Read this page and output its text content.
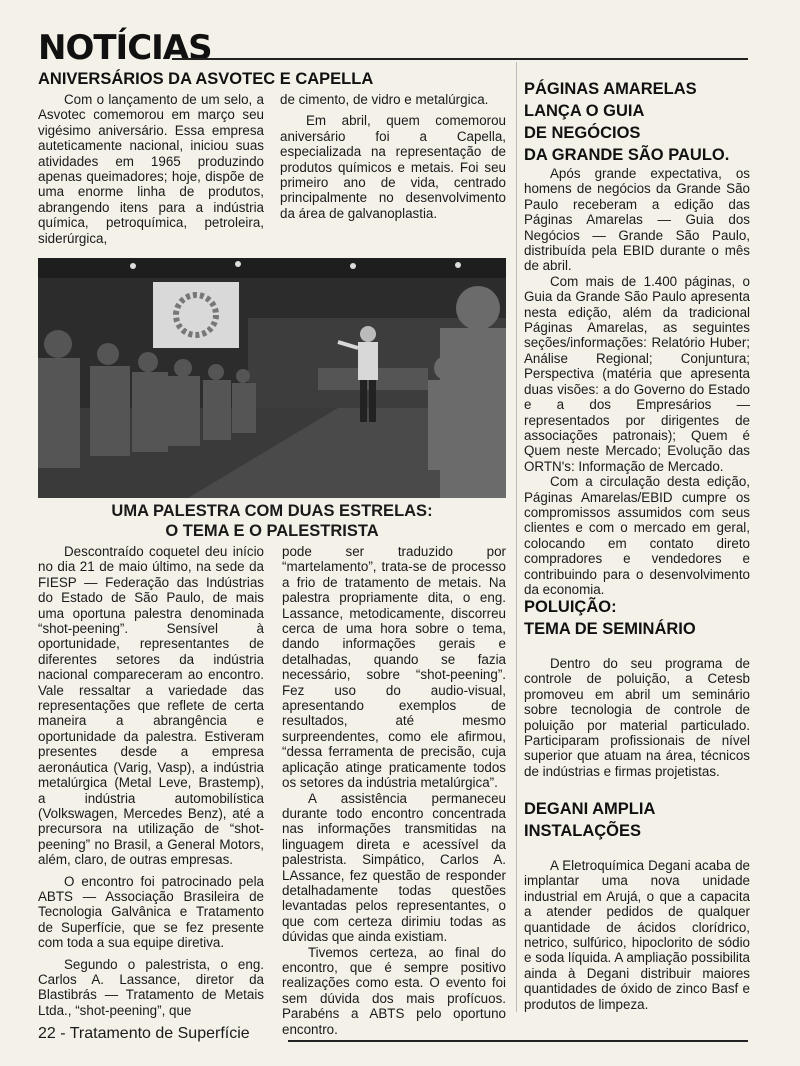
NOTÍCIAS
ANIVERSÁRIOS DA ASVOTEC E CAPELLA

Com o lançamento de um selo, a Asvotec comemorou em março seu vigésimo aniversário. Essa empresa auteticamente nacional, iniciou suas atividades em 1965 produzindo apenas queimadores; hoje, dispõe de uma enorme linha de produtos, abrangendo itens para a indústria química, petroquímica, petroleira, siderúrgica,

de cimento, de vidro e metalúrgica.

Em abril, quem comemorou aniversário foi a Capella, especializada na representação de produtos químicos e metais. Foi seu primeiro ano de vida, centrado principalmente no desenvolvimento da área de galvanoplastia.

UMA PALESTRA COM DUAS ESTRELAS:
O TEMA E O PALESTRISTA

Descontraído coquetel deu início no dia 21 de maio último, na sede da FIESP — Federação das Indústrias do Estado de São Paulo, de mais uma oportuna palestra denominada “shot-peening”. Sensível à oportunidade, representantes de diferentes setores da indústria nacional compareceram ao encontro. Vale ressaltar a variedade das representações que reflete de certa maneira a abrangência e oportunidade da palestra. Estiveram presentes desde a empresa aeronáutica (Varig, Vasp), a indústria metalúrgica (Metal Leve, Brastemp), a indústria automobilística (Volkswagen, Mercedes Benz), até a precursora na utilização de “shot-peening” no Brasil, a General Motors, além, claro, de outras empresas.

O encontro foi patrocinado pela ABTS — Associação Brasileira de Tecnologia Galvânica e Tratamento de Superfície, que se fez presente com toda a sua equipe diretiva.

Segundo o palestrista, o eng. Carlos A. Lassance, diretor da Blastibrás — Tratamento de Metais Ltda., “shot-peening”, que

pode ser traduzido por “martelamento”, trata-se de processo a frio de tratamento de metais. Na palestra propriamente dita, o eng. Lassance, metodicamente, discorreu cerca de uma hora sobre o tema, dando informações gerais e detalhadas, quando se fazia necessário, sobre “shot-peening”. Fez uso do audio-visual, apresentando exemplos de resultados, até mesmo surpreendentes, como ele afirmou, “dessa ferramenta de precisão, cuja aplicação atinge praticamente todos os setores da indústria metalúrgica”.

A assistência permaneceu durante todo encontro concentrada nas informações transmitidas na linguagem direta e acessível da palestrista. Simpático, Carlos A. LAssance, fez questão de responder detalhadamente todas questões levantadas pelos representantes, o que com certeza dirimiu todas as dúvidas que ainda existiam.

Tivemos certeza, ao final do encontro, que é sempre positivo realizações como esta. O evento foi sem dúvida dos mais profícuos. Parabéns a ABTS pelo oportuno encontro.

PÁGINAS AMARELAS
LANÇA O GUIA
DE NEGÓCIOS
DA GRANDE SÃO PAULO.

Após grande expectativa, os homens de negócios da Grande São Paulo receberam a edição das Páginas Amarelas — Guia dos Negócios — Grande São Paulo, distribuída pela EBID durante o mês de abril.

Com mais de 1.400 páginas, o Guia da Grande São Paulo apresenta nesta edição, além da tradicional Páginas Amarelas, as seguintes seções/informações: Relatório Huber; Análise Regional; Conjuntura; Perspectiva (matéria que apresenta duas visões: a do Governo do Estado e a dos Empresários — representados por dirigentes de associações patronais); Quem é Quem neste Mercado; Evolução das ORTN's: Informação de Mercado.

Com a circulação desta edição, Páginas Amarelas/EBID cumpre os compromissos assumidos com seus clientes e com o mercado em geral, colocando em contato direto compradores e vendedores e contribuindo para o desenvolvimento da economia.

POLUIÇÃO:
TEMA DE SEMINÁRIO

Dentro do seu programa de controle de poluição, a Cetesb promoveu em abril um seminário sobre tecnologia de controle de poluição por material particulado. Participaram profissionais de nível superior que atuam na área, técnicos de indústrias e firmas projetistas.

DEGANI AMPLIA
INSTALAÇÕES

A Eletroquímica Degani acaba de implantar uma nova unidade industrial em Arujá, o que a capacita a atender pedidos de qualquer quantidade de ácidos clorídrico, netrico, sulfúrico, hipoclorito de sódio e soda líquida. A ampliação possibilita ainda à Degani distribuir maiores quantidades de óxido de zinco Basf e produtos de limpeza.

22 - Tratamento de Superfície
